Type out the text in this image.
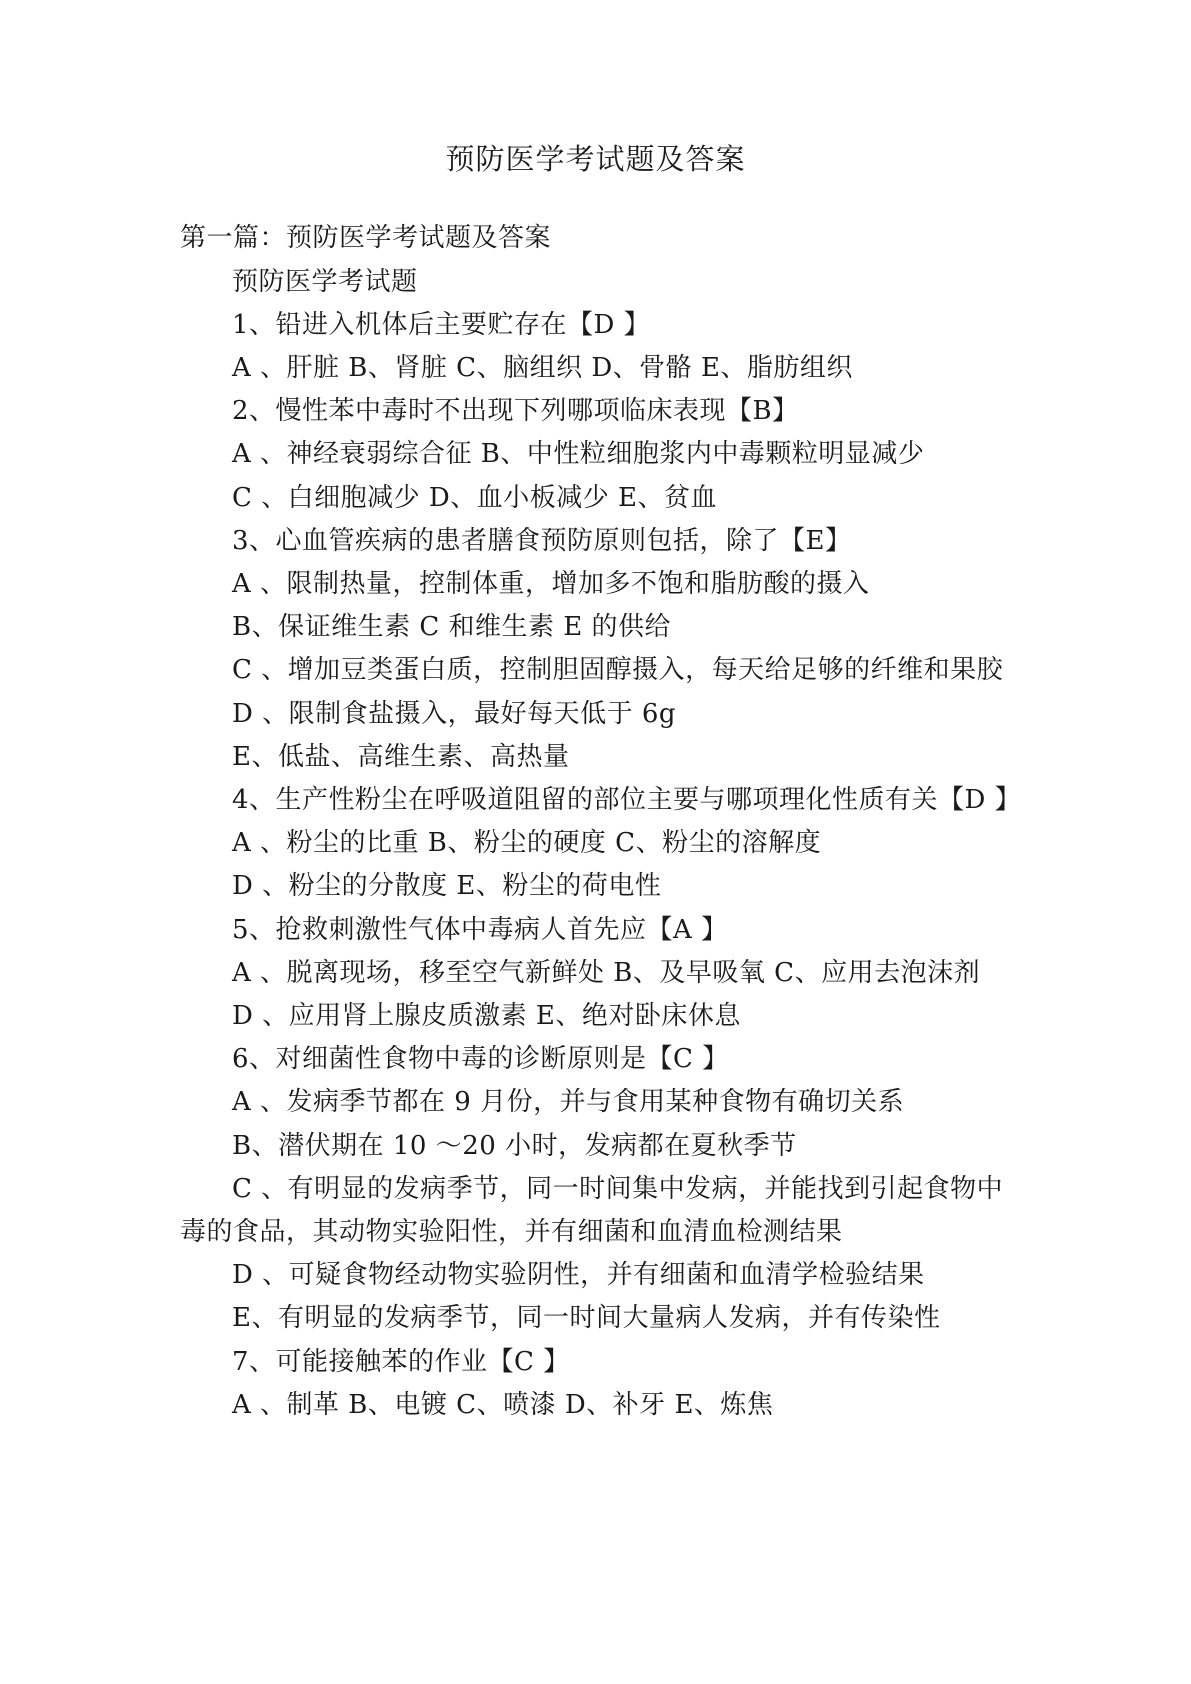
预防医学考试题及答案
第一篇：预防医学考试题及答案
预防医学考试题
1、铅进入机体后主要贮存在【D 】
A 、肝脏 B、肾脏 C、脑组织 D、骨骼 E、脂肪组织
2、慢性苯中毒时不出现下列哪项临床表现【B】
A 、神经衰弱综合征 B、中性粒细胞浆内中毒颗粒明显减少
C 、白细胞减少 D、血小板减少 E、贫血
3、心血管疾病的患者膳食预防原则包括，除了【E】
A 、限制热量，控制体重，增加多不饱和脂肪酸的摄入
B、保证维生素 C 和维生素 E 的供给
C 、增加豆类蛋白质，控制胆固醇摄入，每天给足够的纤维和果胶
D 、限制食盐摄入，最好每天低于 6g
E、低盐、高维生素、高热量
4、生产性粉尘在呼吸道阻留的部位主要与哪项理化性质有关【D 】
A 、粉尘的比重 B、粉尘的硬度 C、粉尘的溶解度
D 、粉尘的分散度 E、粉尘的荷电性
5、抢救刺激性气体中毒病人首先应【A 】
A 、脱离现场，移至空气新鲜处 B、及早吸氧 C、应用去泡沫剂
D 、应用肾上腺皮质激素 E、绝对卧床休息
6、对细菌性食物中毒的诊断原则是【C 】
A 、发病季节都在 9 月份，并与食用某种食物有确切关系
B、潜伏期在 10 ～20 小时，发病都在夏秋季节
C 、有明显的发病季节，同一时间集中发病，并能找到引起食物中
毒的食品，其动物实验阳性，并有细菌和血清血检测结果
D 、可疑食物经动物实验阴性，并有细菌和血清学检验结果
E、有明显的发病季节，同一时间大量病人发病，并有传染性
7、可能接触苯的作业【C 】
A 、制革 B、电镀 C、喷漆 D、补牙 E、炼焦
